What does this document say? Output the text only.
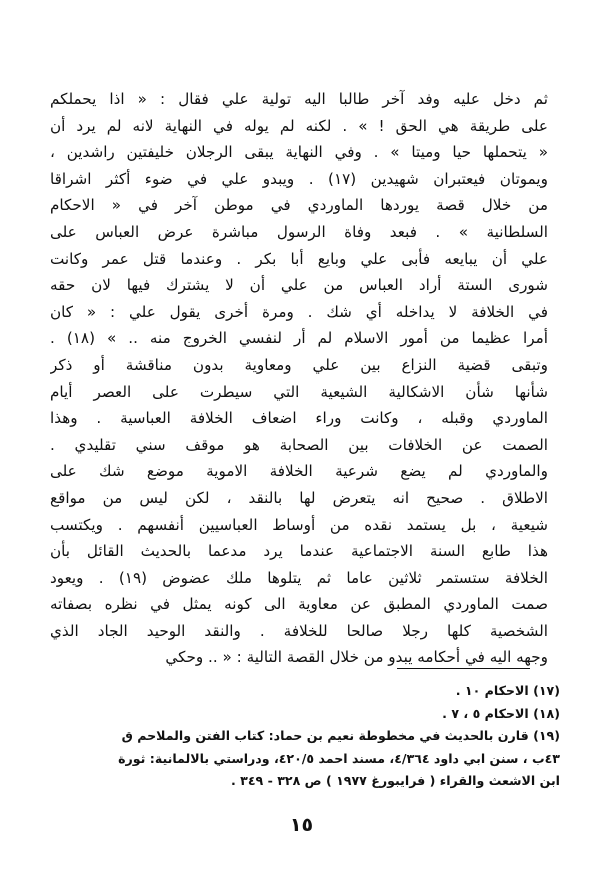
ثم دخل عليه وفد آخر طالبا اليه تولية علي فقال : « اذا يحملكم
على طريقة هي الحق ! » . لكنه لم يوله في النهاية لانه لم يرد أن
« يتحملها حيا وميتا » . وفي النهاية يبقى الرجلان خليفتين راشدين ،
ويموتان فيعتبران شهيدين (١٧) . ويبدو علي في ضوء أكثر اشراقا
من خلال قصة يوردها الماوردي في موطن آخر في « الاحكام
السلطانية » . فبعد وفاة الرسول مباشرة عرض العباس على
علي أن يبايعه فأبى علي وبايع أبا بكر . وعندما قتل عمر وكانت
شورى الستة أراد العباس من علي أن لا يشترك فيها لان حقه
في الخلافة لا يداخله أي شك . ومرة أخرى يقول علي : « كان
أمرا عظيما من أمور الاسلام لم أر لنفسي الخروج منه .. » (١٨) .
وتبقى قضية النزاع بين علي ومعاوية بدون مناقشة أو ذكر
شأنها شأن الاشكالية الشيعية التي سيطرت على العصر أيام
الماوردي وقبله ، وكانت وراء اضعاف الخلافة العباسية . وهذا
الصمت عن الخلافات بين الصحابة هو موقف سني تقليدي .
والماوردي لم يضع شرعية الخلافة الاموية موضع شك على
الاطلاق . صحيح انه يتعرض لها بالنقد ، لكن ليس من مواقع
شيعية ، بل يستمد نقده من أوساط العباسيين أنفسهم . ويكتسب
هذا طابع السنة الاجتماعية عندما يرد مدعما بالحديث القائل بأن
الخلافة ستستمر ثلاثين عاما ثم يتلوها ملك عضوض (١٩) . ويعود
صمت الماوردي المطبق عن معاوية الى كونه يمثل في نظره بصفاته
الشخصية كلها رجلا صالحا للخلافة . والنقد الوحيد الجاد الذي
وجهه اليه في أحكامه يبدو من خلال القصة التالية : « .. وحكي
(١٧) الاحكام ١٠ .
(١٨) الاحكام ٥ ، ٧ .
(١٩) قارن بالحديث في مخطوطة نعيم بن حماد: كتاب الفتن والملاحم ق
٤٣ب ، سنن ابي داود ٤/٣٦٤، مسند احمد ٤٢٠/٥، ودراستي بالالمانية: ثورة
ابن الاشعث والقراء ( فرايبورغ ١٩٧٧ ) ص ٣٢٨ - ٣٤٩ .
١٥
